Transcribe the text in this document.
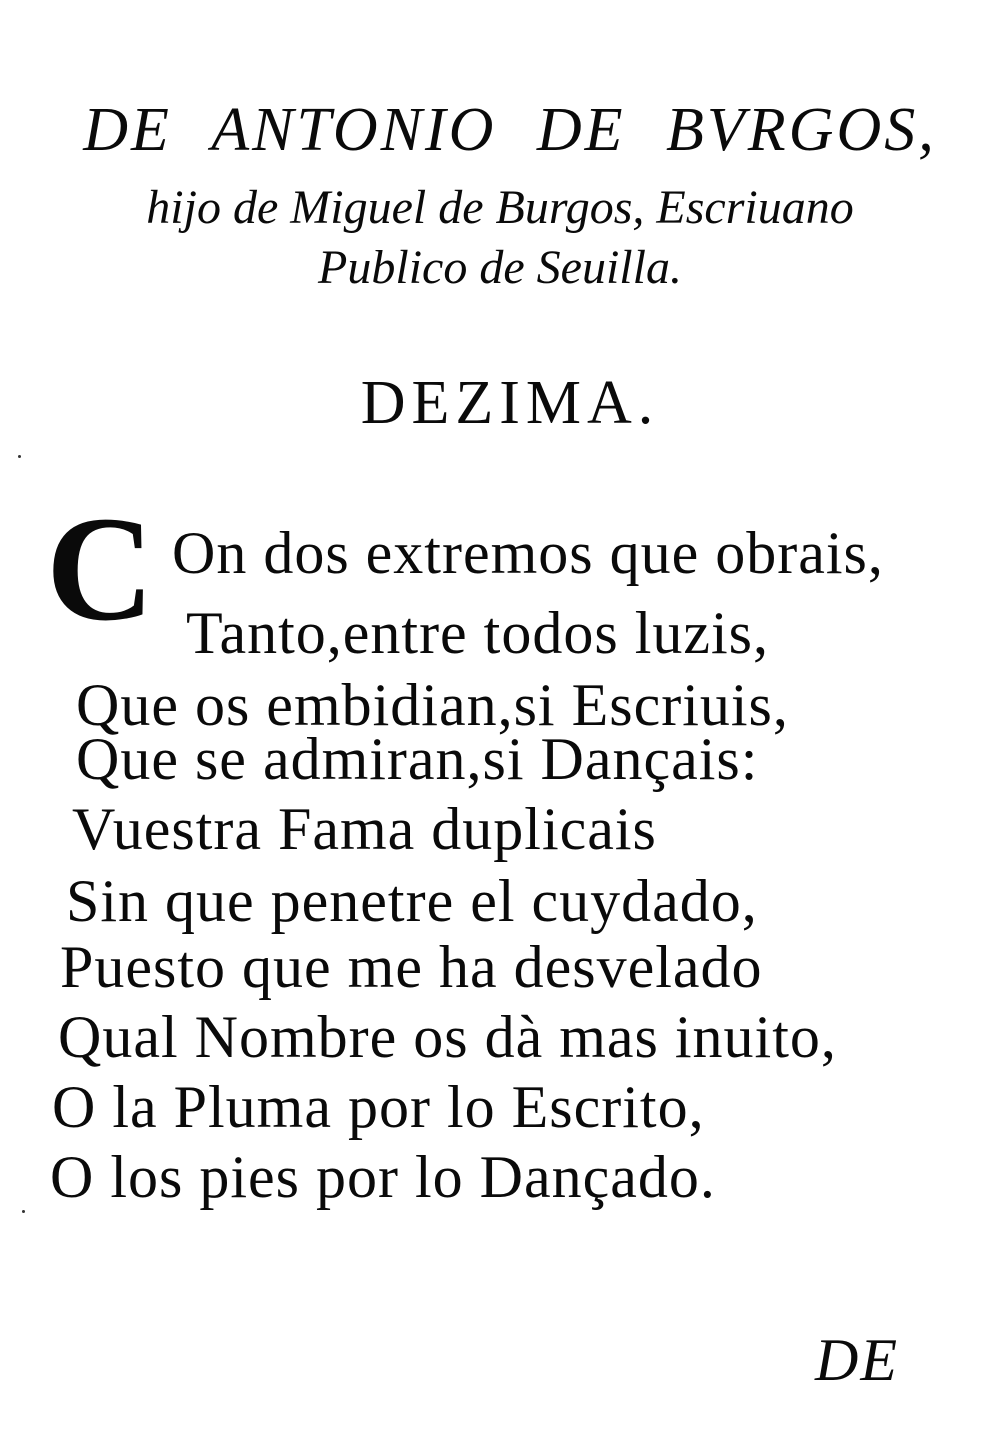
DE ANTONIO DE BVRGOS,
hijo de Miguel de Burgos, Escriuano
Publico de Seuilla.
DEZIMA.
C On dos extremos que obrais,
Tanto,entre todos luzis,
Que os embidian,si Escriuis,
Que se admiran,si Dançais:
Vuestra Fama duplicais
Sin que penetre el cuydado,
Puesto que me ha desvelado
Qual Nombre os dà mas inuito,
O la Pluma por lo Escrito,
O los pies por lo Dançado.
DE
